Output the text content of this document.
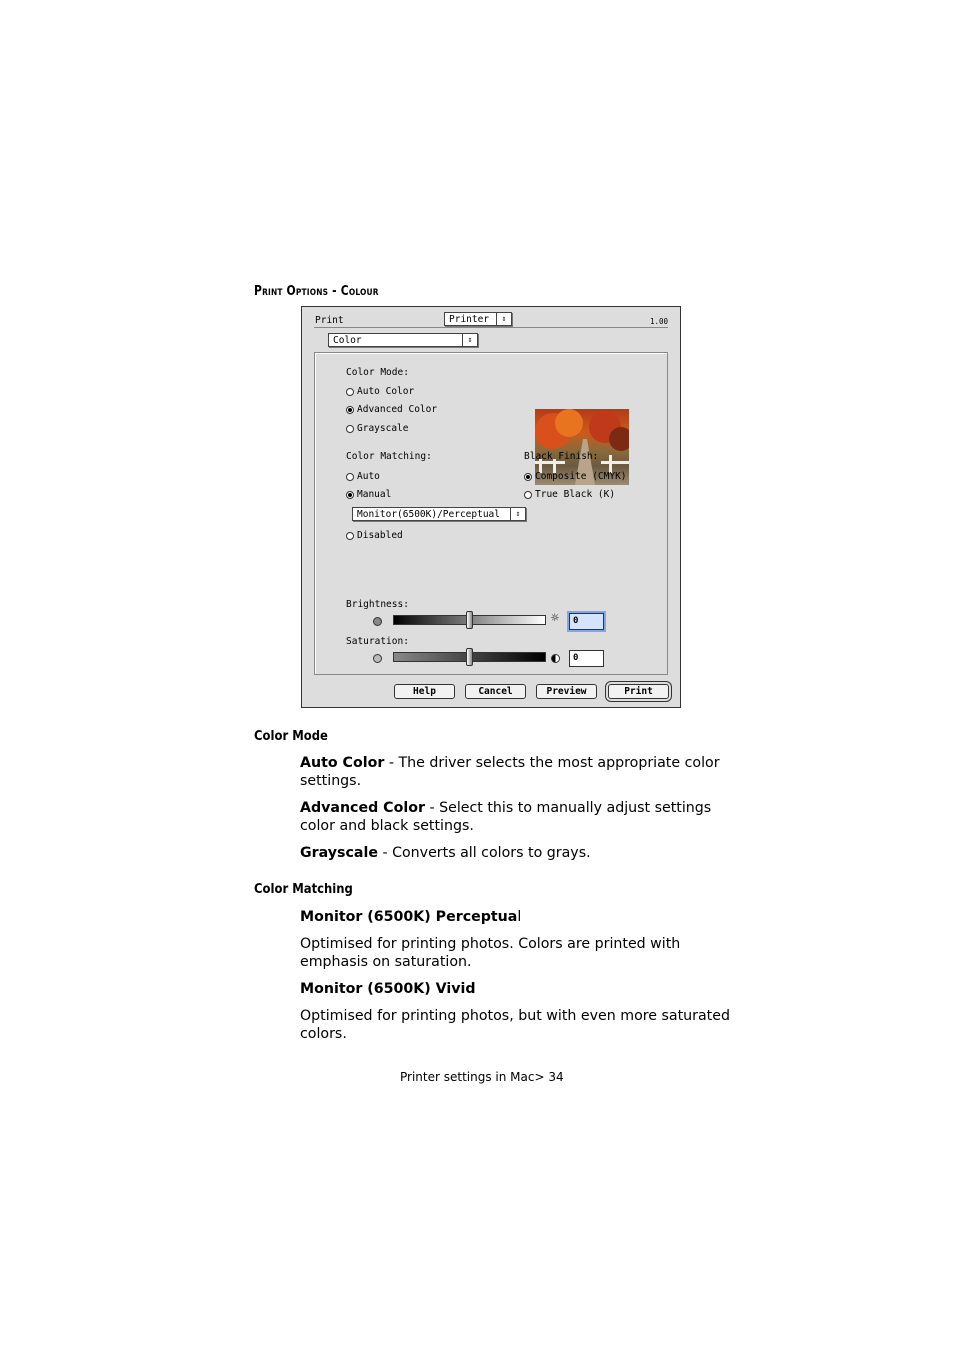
Print Options - Colour
Print	Printer	⇕	1.00
Color	⇕
Color Mode:
Auto Color
Advanced Color
Grayscale
Color Matching:
Auto
Manual
Monitor(6500K)/Perceptual	⇕
Disabled
Black Finish:
Composite (CMYK)
True Black (K)
Brightness:
☼	0
Saturation:
0
Help	Cancel	Preview	Print
Color Mode
Auto Color - The driver selects the most appropriate color settings.
Advanced Color - Select this to manually adjust settings color and black settings.
Grayscale - Converts all colors to grays.
Color Matching
Monitor (6500K) Perceptual
Optimised for printing photos. Colors are printed with emphasis on saturation.
Monitor (6500K) Vivid
Optimised for printing photos, but with even more saturated colors.
Printer settings in Mac> 34
